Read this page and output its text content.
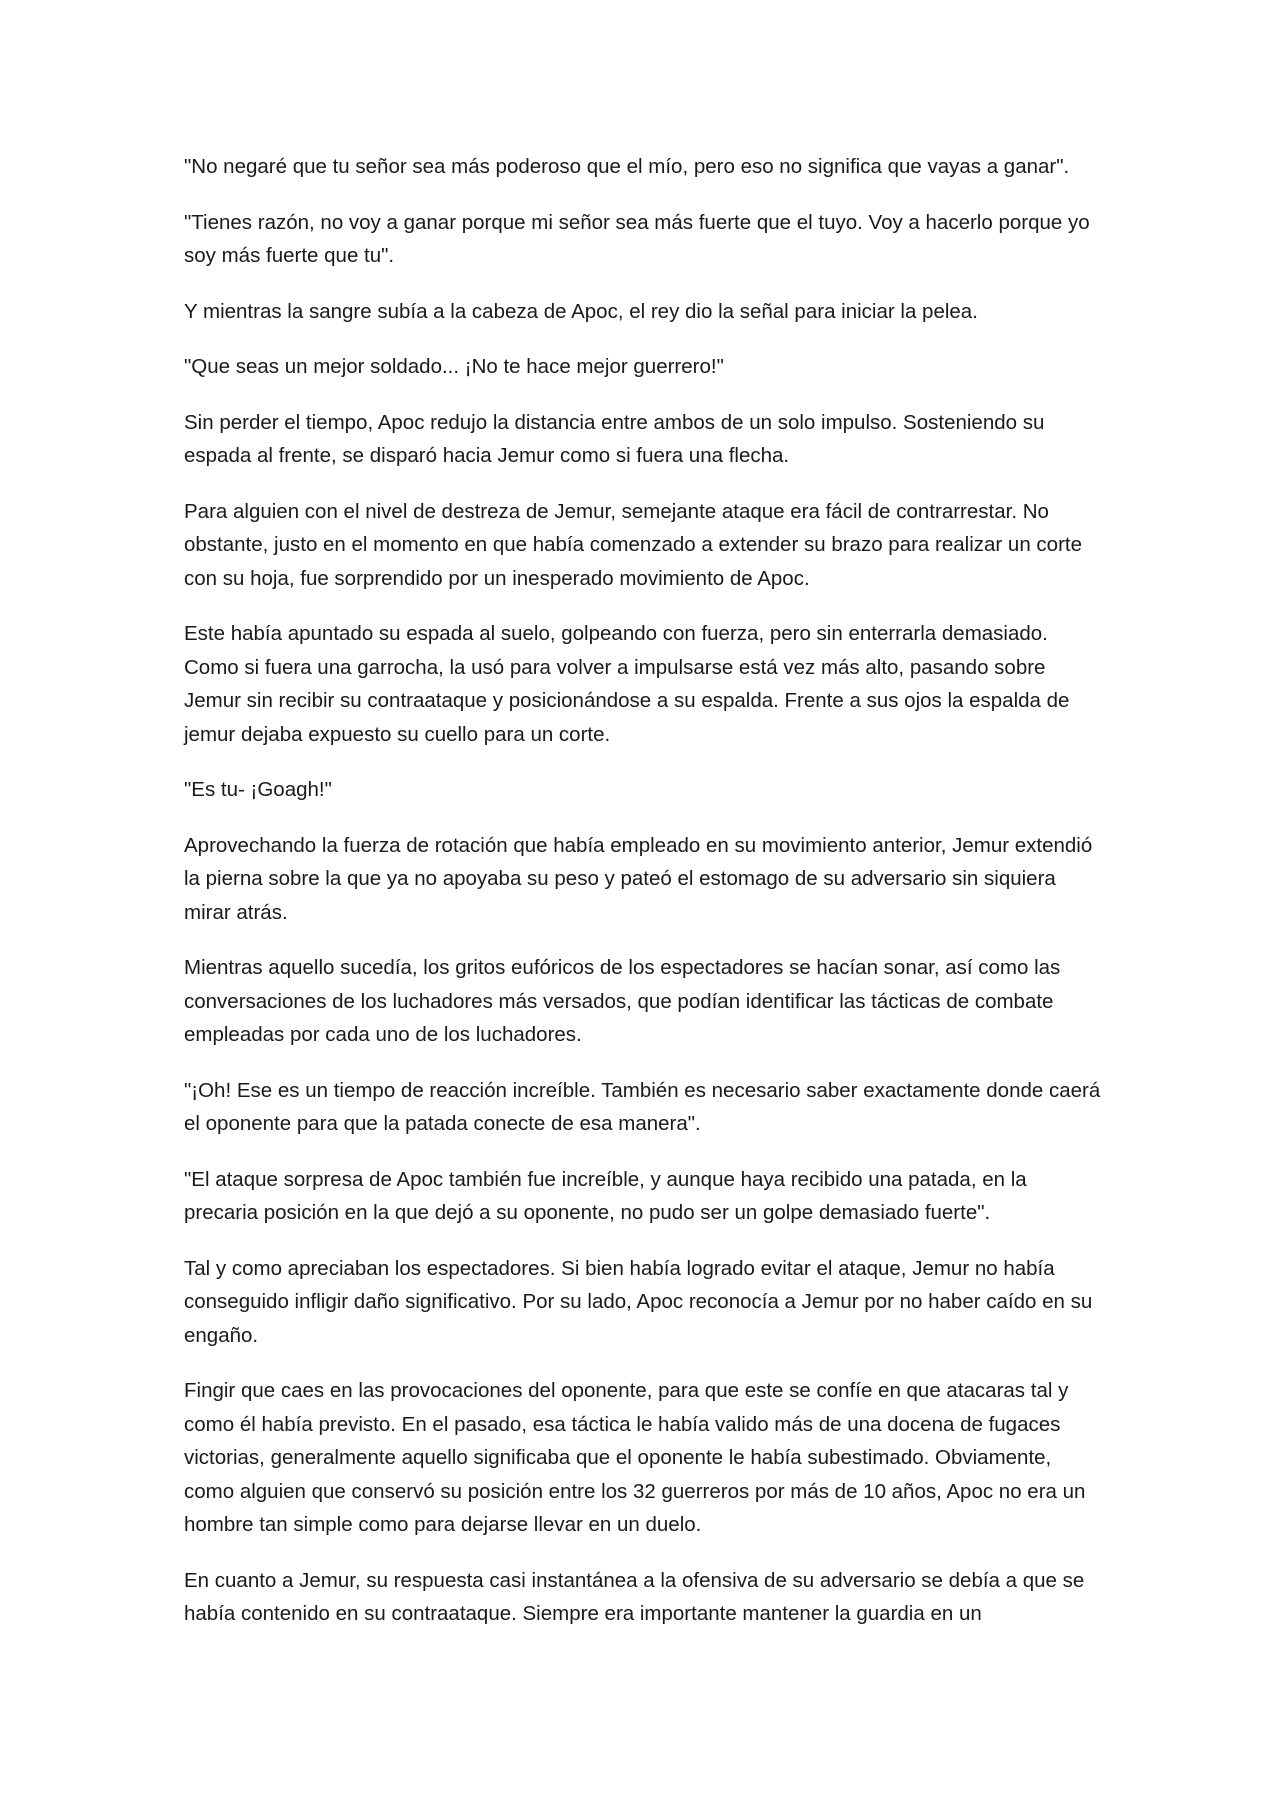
"No negaré que tu señor sea más poderoso que el mío, pero eso no significa que vayas a ganar".

"Tienes razón, no voy a ganar porque mi señor sea más fuerte que el tuyo. Voy a hacerlo porque yo soy más fuerte que tu".

Y mientras la sangre subía a la cabeza de Apoc, el rey dio la señal para iniciar la pelea.

"Que seas un mejor soldado... ¡No te hace mejor guerrero!"

Sin perder el tiempo, Apoc redujo la distancia entre ambos de un solo impulso. Sosteniendo su espada al frente, se disparó hacia Jemur como si fuera una flecha.

Para alguien con el nivel de destreza de Jemur, semejante ataque era fácil de contrarrestar. No obstante, justo en el momento en que había comenzado a extender su brazo para realizar un corte con su hoja, fue sorprendido por un inesperado movimiento de Apoc.

Este había apuntado su espada al suelo, golpeando con fuerza, pero sin enterrarla demasiado. Como si fuera una garrocha, la usó para volver a impulsarse está vez más alto, pasando sobre Jemur sin recibir su contraataque y posicionándose a su espalda. Frente a sus ojos la espalda de jemur dejaba expuesto su cuello para un corte.

"Es tu- ¡Goagh!"

Aprovechando la fuerza de rotación que había empleado en su movimiento anterior, Jemur extendió la pierna sobre la que ya no apoyaba su peso y pateó el estomago de su adversario sin siquiera mirar atrás.

Mientras aquello sucedía, los gritos eufóricos de los espectadores se hacían sonar, así como las conversaciones de los luchadores más versados, que podían identificar las tácticas de combate empleadas por cada uno de los luchadores.

"¡Oh! Ese es un tiempo de reacción increíble. También es necesario saber exactamente donde caerá el oponente para que la patada conecte de esa manera".

"El ataque sorpresa de Apoc también fue increíble, y aunque haya recibido una patada, en la precaria posición en la que dejó a su oponente, no pudo ser un golpe demasiado fuerte".

Tal y como apreciaban los espectadores. Si bien había logrado evitar el ataque, Jemur no había conseguido infligir daño significativo. Por su lado, Apoc reconocía a Jemur por no haber caído en su engaño.

Fingir que caes en las provocaciones del oponente, para que este se confíe en que atacaras tal y como él había previsto. En el pasado, esa táctica le había valido más de una docena de fugaces victorias, generalmente aquello significaba que el oponente le había subestimado. Obviamente, como alguien que conservó su posición entre los 32 guerreros por más de 10 años, Apoc no era un hombre tan simple como para dejarse llevar en un duelo.

En cuanto a Jemur, su respuesta casi instantánea a la ofensiva de su adversario se debía a que se había contenido en su contraataque. Siempre era importante mantener la guardia en un
